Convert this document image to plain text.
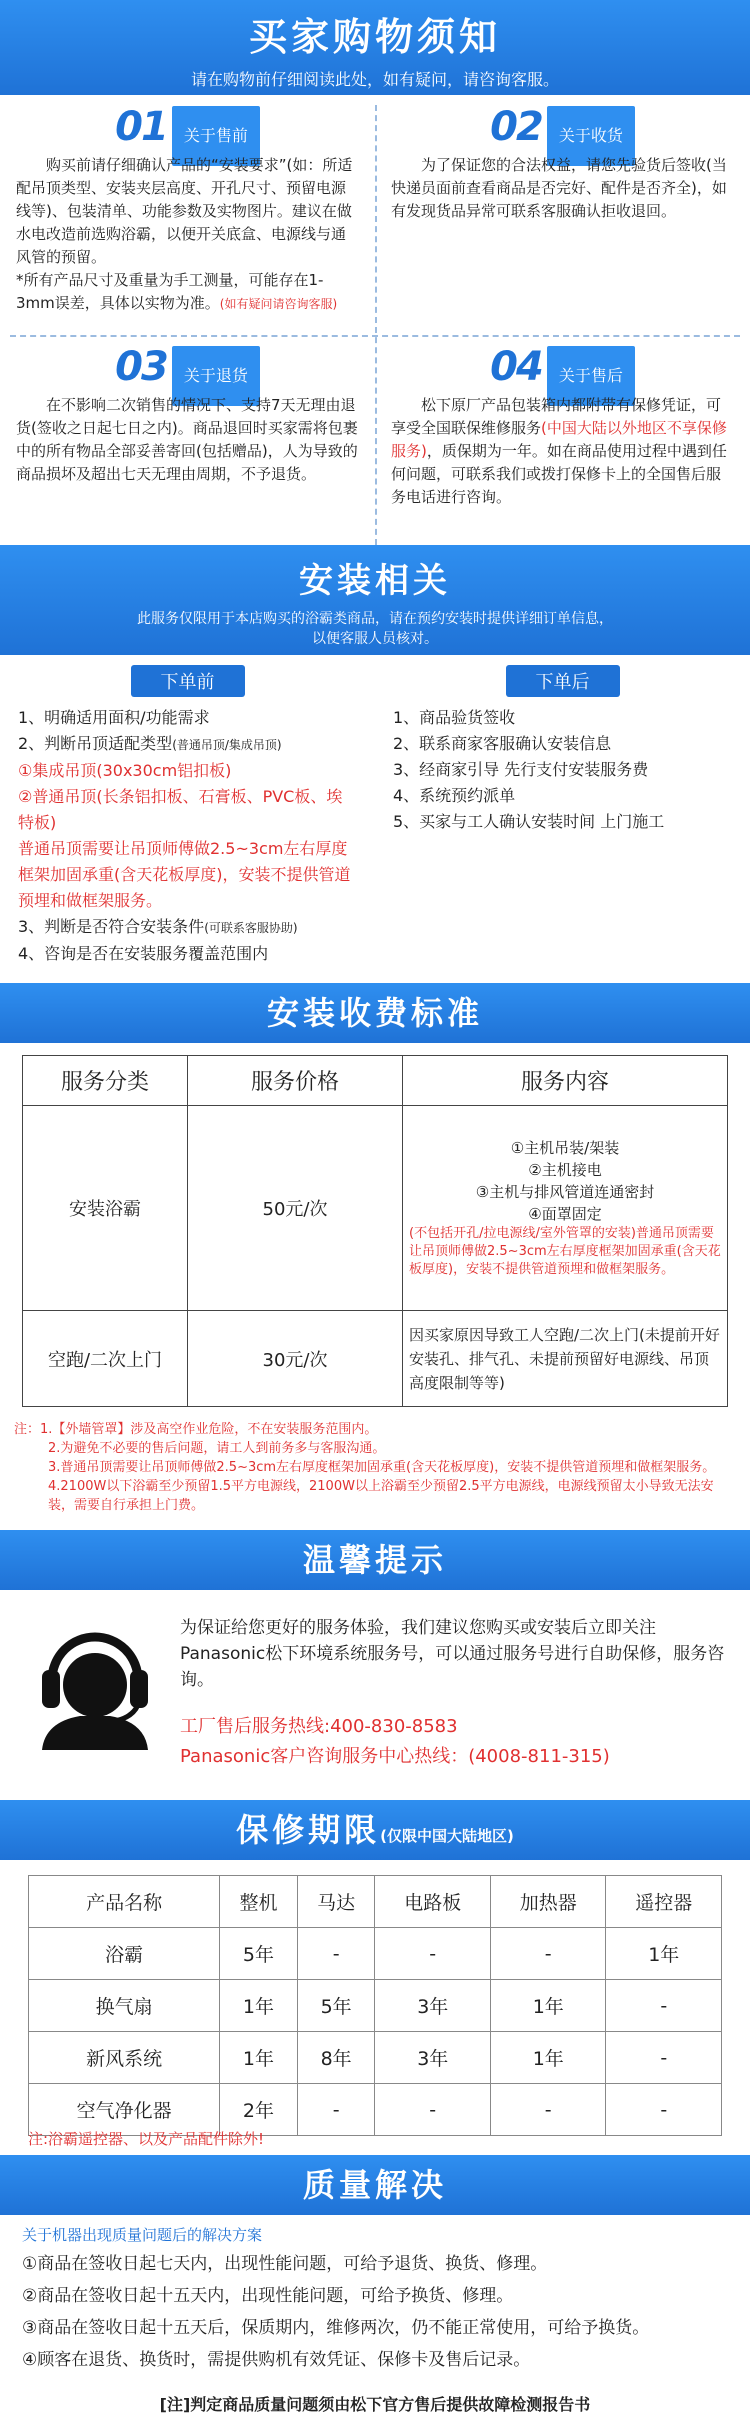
买家购物须知
请在购物前仔细阅读此处，如有疑问，请咨询客服。
01 关于售前
购买前请仔细确认产品的“安装要求”(如：所适配吊顶类型、安装夹层高度、开孔尺寸、预留电源线等)、包装清单、功能参数及实物图片。建议在做水电改造前选购浴霸，以便开关底盒、电源线与通风管的预留。
*所有产品尺寸及重量为手工测量，可能存在1-3mm误差，具体以实物为准。(如有疑问请咨询客服)
02 关于收货
为了保证您的合法权益，请您先验货后签收(当快递员面前查看商品是否完好、配件是否齐全)，如有发现货品异常可联系客服确认拒收退回。
03 关于退货
在不影响二次销售的情况下、支持7天无理由退货(签收之日起七日之内)。商品退回时买家需将包裹中的所有物品全部妥善寄回(包括赠品)，人为导致的商品损坏及超出七天无理由周期，不予退货。
04 关于售后
松下原厂产品包装箱内都附带有保修凭证，可享受全国联保维修服务(中国大陆以外地区不享保修服务)，质保期为一年。如在商品使用过程中遇到任何问题，可联系我们或拨打保修卡上的全国售后服务电话进行咨询。
安装相关
此服务仅限用于本店购买的浴霸类商品，请在预约安装时提供详细订单信息，
以便客服人员核对。
下单前
1、明确适用面积/功能需求
2、判断吊顶适配类型(普通吊顶/集成吊顶)
①集成吊顶(30x30cm铝扣板)
②普通吊顶(长条铝扣板、石膏板、PVC板、埃特板)
普通吊顶需要让吊顶师傅做2.5~3cm左右厚度框架加固承重(含天花板厚度)，安装不提供管道预埋和做框架服务。
3、判断是否符合安装条件(可联系客服协助)
4、咨询是否在安装服务覆盖范围内
下单后
1、商品验货签收
2、联系商家客服确认安装信息
3、经商家引导 先行支付安装服务费
4、系统预约派单
5、买家与工人确认安装时间 上门施工
安装收费标准
服务分类	服务价格	服务内容
安装浴霸	50元/次	①主机吊装/架装
②主机接电
③主机与排风管道连通密封
④面罩固定
(不包括开孔/拉电源线/室外管罩的安装)普通吊顶需要让吊顶师傅做2.5~3cm左右厚度框架加固承重(含天花板厚度)，安装不提供管道预埋和做框架服务。

空跑/二次上门	30元/次	因买家原因导致工人空跑/二次上门(未提前开好安装孔、排气孔、未提前预留好电源线、吊顶高度限制等等)
注：1.【外墙管罩】涉及高空作业危险，不在安装服务范围内。
2.为避免不必要的售后问题，请工人到前务多与客服沟通。
3.普通吊顶需要让吊顶师傅做2.5~3cm左右厚度框架加固承重(含天花板厚度)，安装不提供管道预埋和做框架服务。
4.2100W以下浴霸至少预留1.5平方电源线，2100W以上浴霸至少预留2.5平方电源线，电源线预留太小导致无法安装，需要自行承担上门费。
温馨提示
为保证给您更好的服务体验，我们建议您购买或安装后立即关注Panasonic松下环境系统服务号，可以通过服务号进行自助保修，服务咨询。
工厂售后服务热线:400-830-8583
Panasonic客户咨询服务中心热线：(4008-811-315)
保修期限(仅限中国大陆地区)
产品名称	整机	马达	电路板	加热器	遥控器
浴霸	5年	-	-	-	1年
换气扇	1年	5年	3年	1年	-
新风系统	1年	8年	3年	1年	-
空气净化器	2年	-	-	-	-
注:浴霸遥控器、以及产品配件除外!
质量解决
关于机器出现质量问题后的解决方案
①商品在签收日起七天内，出现性能问题，可给予退货、换货、修理。
②商品在签收日起十五天内，出现性能问题，可给予换货、修理。
③商品在签收日起十五天后，保质期内，维修两次，仍不能正常使用，可给予换货。
④顾客在退货、换货时，需提供购机有效凭证、保修卡及售后记录。
[注]判定商品质量问题须由松下官方售后提供故障检测报告书
